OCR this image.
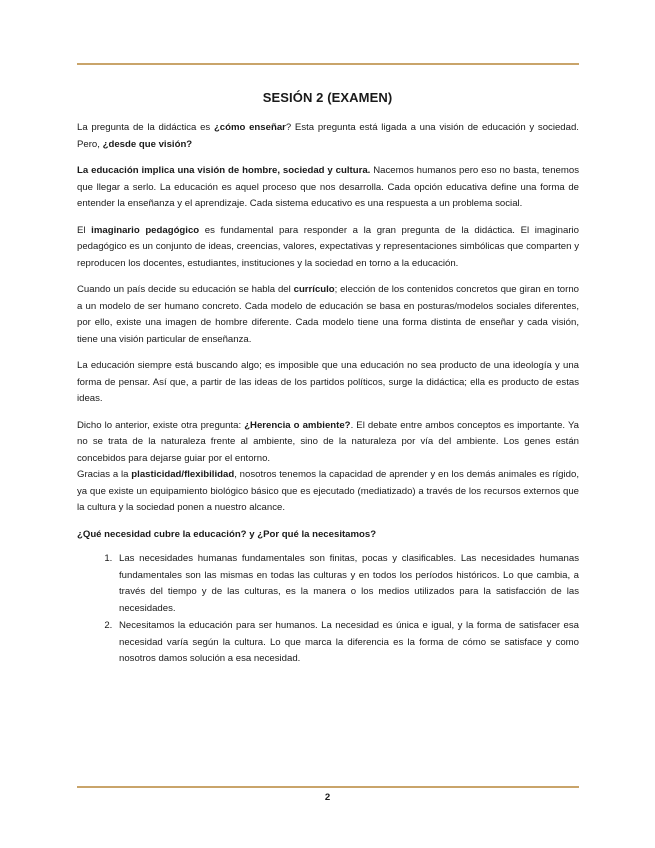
SESIÓN 2 (EXAMEN)

La pregunta de la didáctica es ¿cómo enseñar? Esta pregunta está ligada a una visión de educación y sociedad. Pero, ¿desde que visión?

La educación implica una visión de hombre, sociedad y cultura. Nacemos humanos pero eso no basta, tenemos que llegar a serlo. La educación es aquel proceso que nos desarrolla. Cada opción educativa define una forma de entender la enseñanza y el aprendizaje. Cada sistema educativo es una respuesta a un problema social.

El imaginario pedagógico es fundamental para responder a la gran pregunta de la didáctica. El imaginario pedagógico es un conjunto de ideas, creencias, valores, expectativas y representaciones simbólicas que comparten y reproducen los docentes, estudiantes, instituciones y la sociedad en torno a la educación.

Cuando un país decide su educación se habla del currículo; elección de los contenidos concretos que giran en torno a un modelo de ser humano concreto. Cada modelo de educación se basa en posturas/modelos sociales diferentes, por ello, existe una imagen de hombre diferente. Cada modelo tiene una forma distinta de enseñar y cada visión, tiene una visión particular de enseñanza.

La educación siempre está buscando algo; es imposible que una educación no sea producto de una ideología y una forma de pensar. Así que, a partir de las ideas de los partidos políticos, surge la didáctica; ella es producto de estas ideas.

Dicho lo anterior, existe otra pregunta: ¿Herencia o ambiente?. El debate entre ambos conceptos es importante. Ya no se trata de la naturaleza frente al ambiente, sino de la naturaleza por vía del ambiente. Los genes están concebidos para dejarse guiar por el entorno.

Gracias a la plasticidad/flexibilidad, nosotros tenemos la capacidad de aprender y en los demás animales es rígido, ya que existe un equipamiento biológico básico que es ejecutado (mediatizado) a través de los recursos externos que la cultura y la sociedad ponen a nuestro alcance.

¿Qué necesidad cubre la educación? y ¿Por qué la necesitamos?

1. Las necesidades humanas fundamentales son finitas, pocas y clasificables. Las necesidades humanas fundamentales son las mismas en todas las culturas y en todos los períodos históricos. Lo que cambia, a través del tiempo y de las culturas, es la manera o los medios utilizados para la satisfacción de las necesidades.
2. Necesitamos la educación para ser humanos. La necesidad es única e igual, y la forma de satisfacer esa necesidad varía según la cultura. Lo que marca la diferencia es la forma de cómo se satisface y como nosotros damos solución a esa necesidad.
2
